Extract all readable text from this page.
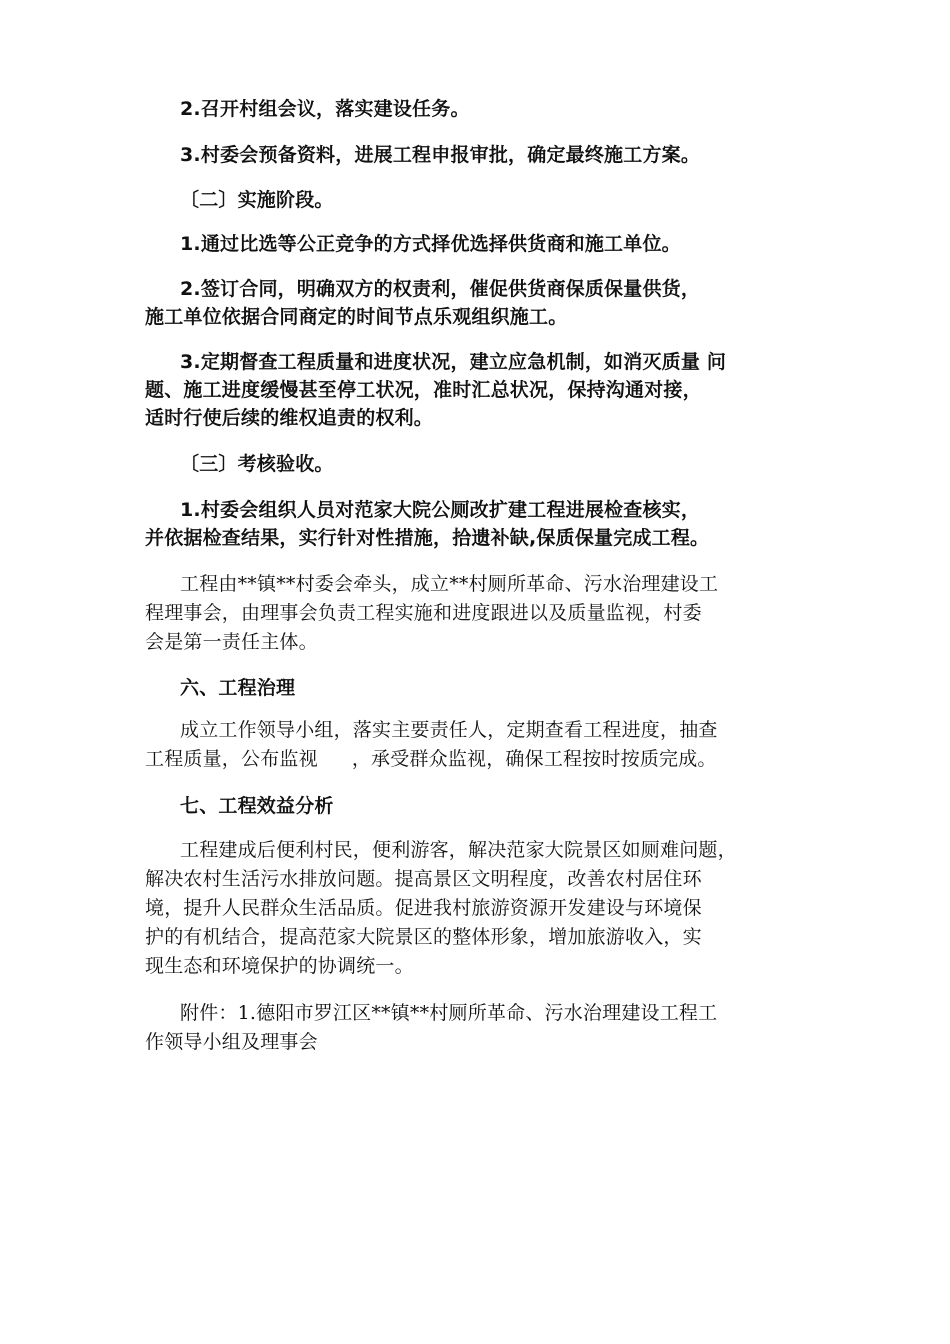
2.召开村组会议，落实建设任务。
3.村委会预备资料，进展工程申报审批，确定最终施工方案。
〔二〕实施阶段。
1.通过比选等公正竞争的方式择优选择供货商和施工单位。
2.签订合同，明确双方的权责利，催促供货商保质保量供货，
施工单位依据合同商定的时间节点乐观组织施工。
3.定期督查工程质量和进度状况，建立应急机制，如消灭质量 问
题、施工进度缓慢甚至停工状况，准时汇总状况，保持沟通对接，
适时行使后续的维权追责的权利。
〔三〕考核验收。
1.村委会组织人员对范家大院公厕改扩建工程进展检查核实，
并依据检查结果，实行针对性措施，拾遗补缺,保质保量完成工程。
工程由**镇**村委会牵头，成立**村厕所革命、污水治理建设工
程理事会，由理事会负责工程实施和进度跟进以及质量监视，村委
会是第一责任主体。
六、工程治理
成立工作领导小组，落实主要责任人，定期查看工程进度，抽查
工程质量，公布监视 ，承受群众监视，确保工程按时按质完成。
七、工程效益分析
工程建成后便利村民，便利游客，解决范家大院景区如厕难问题，
解决农村生活污水排放问题。提高景区文明程度，改善农村居住环
境，提升人民群众生活品质。促进我村旅游资源开发建设与环境保
护的有机结合，提高范家大院景区的整体形象，增加旅游收入，实
现生态和环境保护的协调统一。
附件：1.德阳市罗江区**镇**村厕所革命、污水治理建设工程工
作领导小组及理事会
